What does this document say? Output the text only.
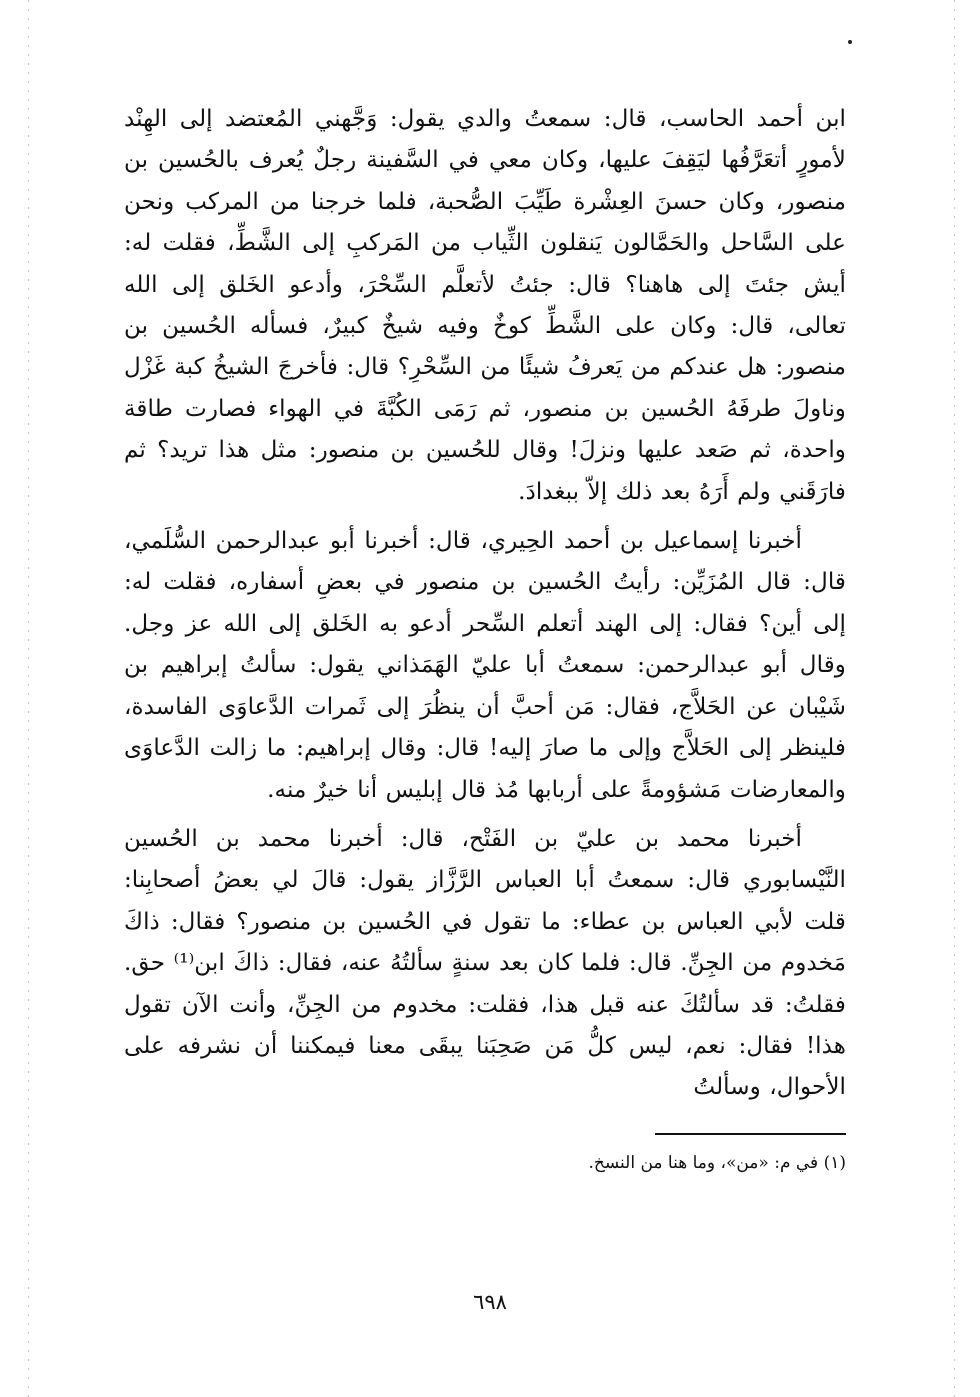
ابن أحمد الحاسب، قال: سمعتُ والدي يقول: وَجَّهني المُعتضد إلى الهِنْد لأمورٍ أتعَرَّفُها ليَقِفَ عليها، وكان معي في السَّفينة رجلٌ يُعرف بالحُسين بن منصور، وكان حسنَ العِشْرة طَيِّبَ الصُّحبة، فلما خرجنا من المركب ونحن على السَّاحل والحَمَّالون يَنقلون الثِّياب من المَركبِ إلى الشَّطِّ، فقلت له: أيش جئتَ إلى هاهنا؟ قال: جئتُ لأتعلَّم السِّحْرَ، وأدعو الخَلق إلى الله تعالى، قال: وكان على الشَّطِّ كوخٌ وفيه شيخٌ كبيرٌ، فسأله الحُسين بن منصور: هل عندكم من يَعرفُ شيئًا من السِّحْرِ؟ قال: فأخرجَ الشيخُ كبة غَزْل وناولَ طرفَهُ الحُسين بن منصور، ثم رَمَى الكُبَّةَ في الهواء فصارت طاقة واحدة، ثم صَعد عليها ونزلَ! وقال للحُسين بن منصور: مثل هذا تريد؟ ثم فارَقَني ولم أَرَهُ بعد ذلك إلاّ ببغدادَ.

أخبرنا إسماعيل بن أحمد الحِيري، قال: أخبرنا أبو عبدالرحمن السُّلَمي، قال: قال المُزَيِّن: رأيتُ الحُسين بن منصور في بعضِ أسفاره، فقلت له: إلى أين؟ فقال: إلى الهند أتعلم السِّحر أدعو به الخَلق إلى الله عز وجل. وقال أبو عبدالرحمن: سمعتُ أبا عليّ الهَمَذاني يقول: سألتُ إبراهيم بن شَيْبان عن الحَلاَّج، فقال: مَن أحبَّ أن ينظُرَ إلى ثَمرات الدَّعاوَى الفاسدة، فلينظر إلى الحَلاَّج وإلى ما صارَ إليه! قال: وقال إبراهيم: ما زالت الدَّعاوَى والمعارضات مَشؤومةً على أربابها مُذ قال إبليس أنا خيرٌ منه.

أخبرنا محمد بن عليّ بن الفَتْح، قال: أخبرنا محمد بن الحُسين النَّيْسابوري قال: سمعتُ أبا العباس الرَّزَّاز يقول: قالَ لي بعضُ أصحابِنا: قلت لأبي العباس بن عطاء: ما تقول في الحُسين بن منصور؟ فقال: ذاكَ مَخدوم من الجِنِّ. قال: فلما كان بعد سنةٍ سألتُهُ عنه، فقال: ذاكَ ابن⁽¹⁾ حق. فقلتُ: قد سألتُكَ عنه قبل هذا، فقلت: مخدوم من الجِنِّ، وأنت الآن تقول هذا! فقال: نعم، ليس كلُّ مَن صَحِبَنا يبقَى معنا فيمكننا أن نشرفه على الأحوال، وسألتُ

(١) في م: «من»، وما هنا من النسخ.
٦٩٨
